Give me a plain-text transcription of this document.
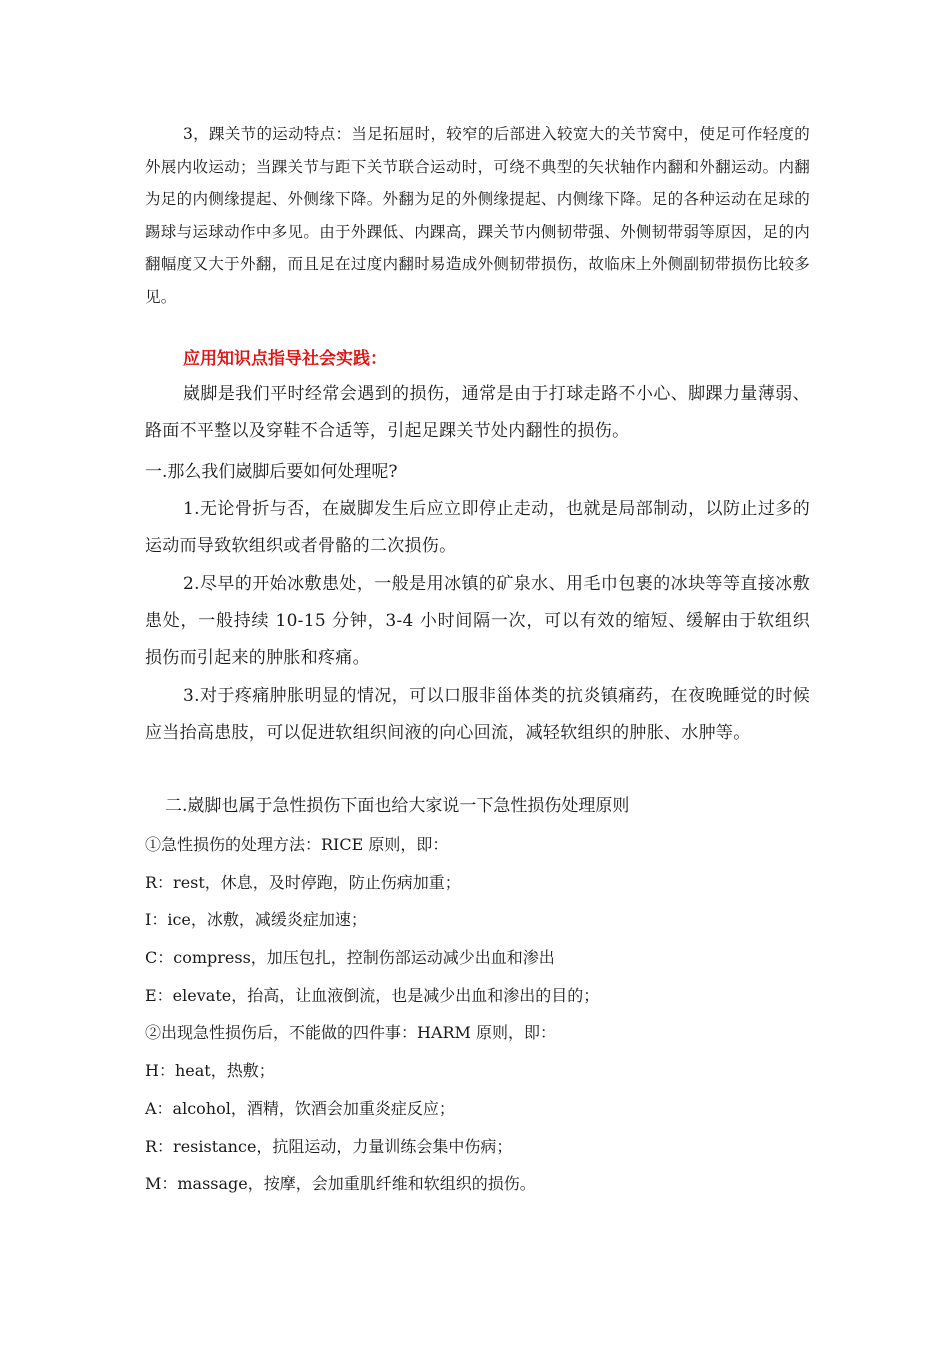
3，踝关节的运动特点：当足拓屈时，较窄的后部进入较宽大的关节窝中，使足可作轻度的外展内收运动；当踝关节与距下关节联合运动时，可绕不典型的矢状轴作内翻和外翻运动。内翻为足的内侧缘提起、外侧缘下降。外翻为足的外侧缘提起、内侧缘下降。足的各种运动在足球的踢球与运球动作中多见。由于外踝低、内踝高，踝关节内侧韧带强、外侧韧带弱等原因，足的内翻幅度又大于外翻，而且足在过度内翻时易造成外侧韧带损伤，故临床上外侧副韧带损伤比较多见。
应用知识点指导社会实践：
崴脚是我们平时经常会遇到的损伤，通常是由于打球走路不小心、脚踝力量薄弱、路面不平整以及穿鞋不合适等，引起足踝关节处内翻性的损伤。
一.那么我们崴脚后要如何处理呢?
1.无论骨折与否，在崴脚发生后应立即停止走动，也就是局部制动，以防止过多的运动而导致软组织或者骨骼的二次损伤。
2.尽早的开始冰敷患处，一般是用冰镇的矿泉水、用毛巾包裹的冰块等等直接冰敷患处，一般持续 10-15 分钟，3-4 小时间隔一次，可以有效的缩短、缓解由于软组织损伤而引起来的肿胀和疼痛。
3.对于疼痛肿胀明显的情况，可以口服非甾体类的抗炎镇痛药，在夜晚睡觉的时候应当抬高患肢，可以促进软组织间液的向心回流，减轻软组织的肿胀、水肿等。
二.崴脚也属于急性损伤下面也给大家说一下急性损伤处理原则
①急性损伤的处理方法：RICE 原则，即：
R：rest，休息，及时停跑，防止伤病加重；
I：ice，冰敷，减缓炎症加速；
C：compress，加压包扎，控制伤部运动减少出血和渗出
E：elevate，抬高，让血液倒流，也是减少出血和渗出的目的；
②出现急性损伤后，不能做的四件事：HARM 原则，即：
H：heat，热敷；
A：alcohol，酒精，饮酒会加重炎症反应；
R：resistance，抗阻运动，力量训练会集中伤病；
M：massage，按摩，会加重肌纤维和软组织的损伤。
